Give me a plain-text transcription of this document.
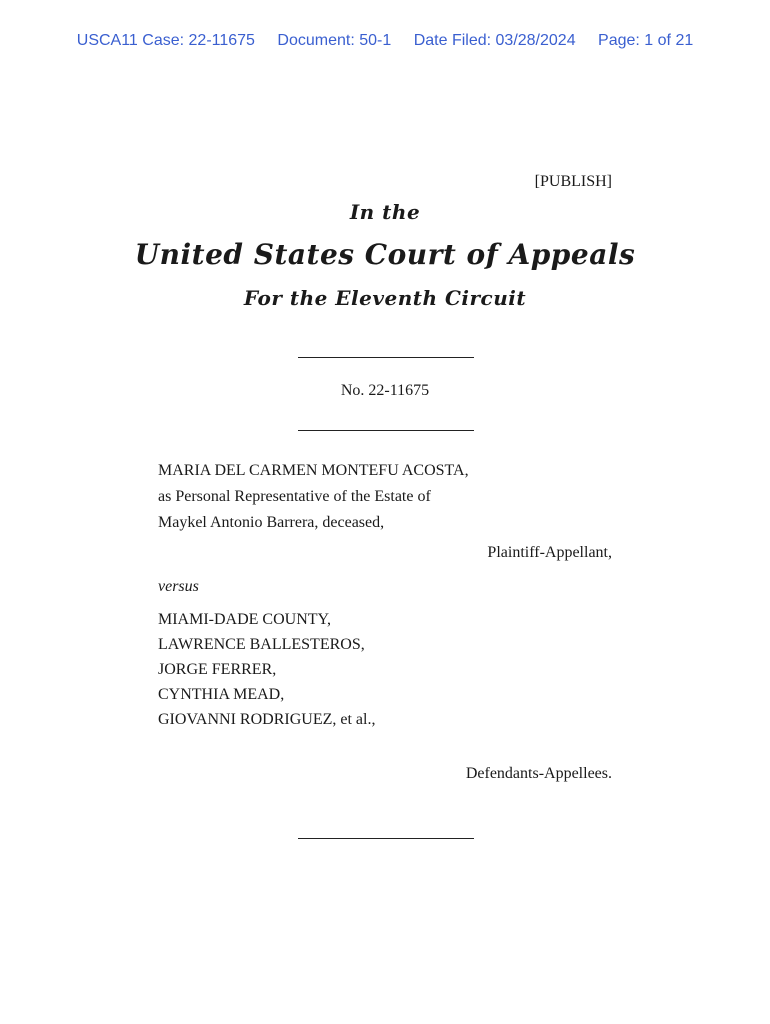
USCA11 Case: 22-11675 Document: 50-1 Date Filed: 03/28/2024 Page: 1 of 21
[PUBLISH]
In the
United States Court of Appeals
For the Eleventh Circuit
No. 22-11675
MARIA DEL CARMEN MONTEFU ACOSTA,
as Personal Representative of the Estate of
Maykel Antonio Barrera, deceased,
Plaintiff-Appellant,
versus
MIAMI-DADE COUNTY,
LAWRENCE BALLESTEROS,
JORGE FERRER,
CYNTHIA MEAD,
GIOVANNI RODRIGUEZ, et al.,
Defendants-Appellees.
